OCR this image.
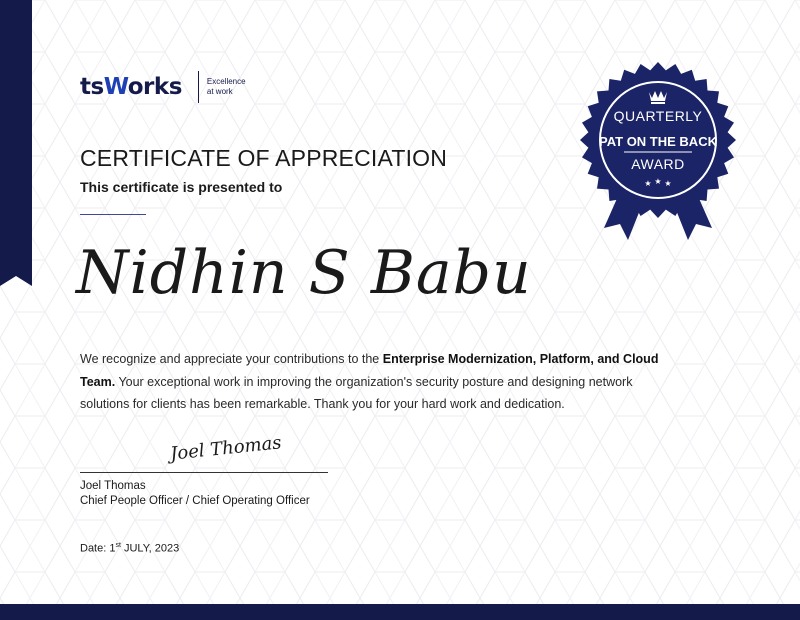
tsWorks	Excellence at work
CERTIFICATE OF APPRECIATION
This certificate is presented to
Nidhin S Babu
We recognize and appreciate your contributions to the Enterprise Modernization, Platform, and Cloud Team. Your exceptional work in improving the organization's security posture and designing network solutions for clients has been remarkable. Thank you for your hard work and dedication.
Joel Thomas
Joel Thomas
Chief People Officer / Chief Operating Officer
Date: 1st JULY, 2023
★ ★ ★
QUARTERLY
PAT ON THE BACK
AWARD
